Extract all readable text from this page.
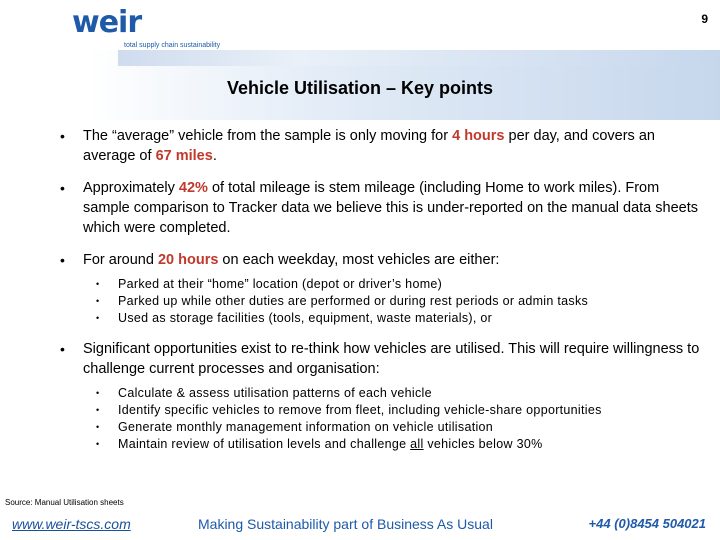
weir
total supply chain sustainability
9
Vehicle Utilisation – Key points
• The “average” vehicle from the sample is only moving for 4 hours per day, and covers an average of 67 miles.
• Approximately 42% of total mileage is stem mileage (including Home to work miles). From sample comparison to Tracker data we believe this is under-reported on the manual data sheets which were completed.
• For around 20 hours on each weekday, most vehicles are either:
• Parked at their “home” location (depot or driver’s home)
• Parked up while other duties are performed or during rest periods or admin tasks
• Used as storage facilities (tools, equipment, waste materials), or
• Significant opportunities exist to re-think how vehicles are utilised. This will require willingness to challenge current processes and organisation:
• Calculate & assess utilisation patterns of each vehicle
• Identify specific vehicles to remove from fleet, including vehicle-share opportunities
• Generate monthly management information on vehicle utilisation
• Maintain review of utilisation levels and challenge all vehicles below 30%
Source: Manual Utilisation sheets
www.weir-tscs.com	Making Sustainability part of Business As Usual	+44 (0)8454 504021
